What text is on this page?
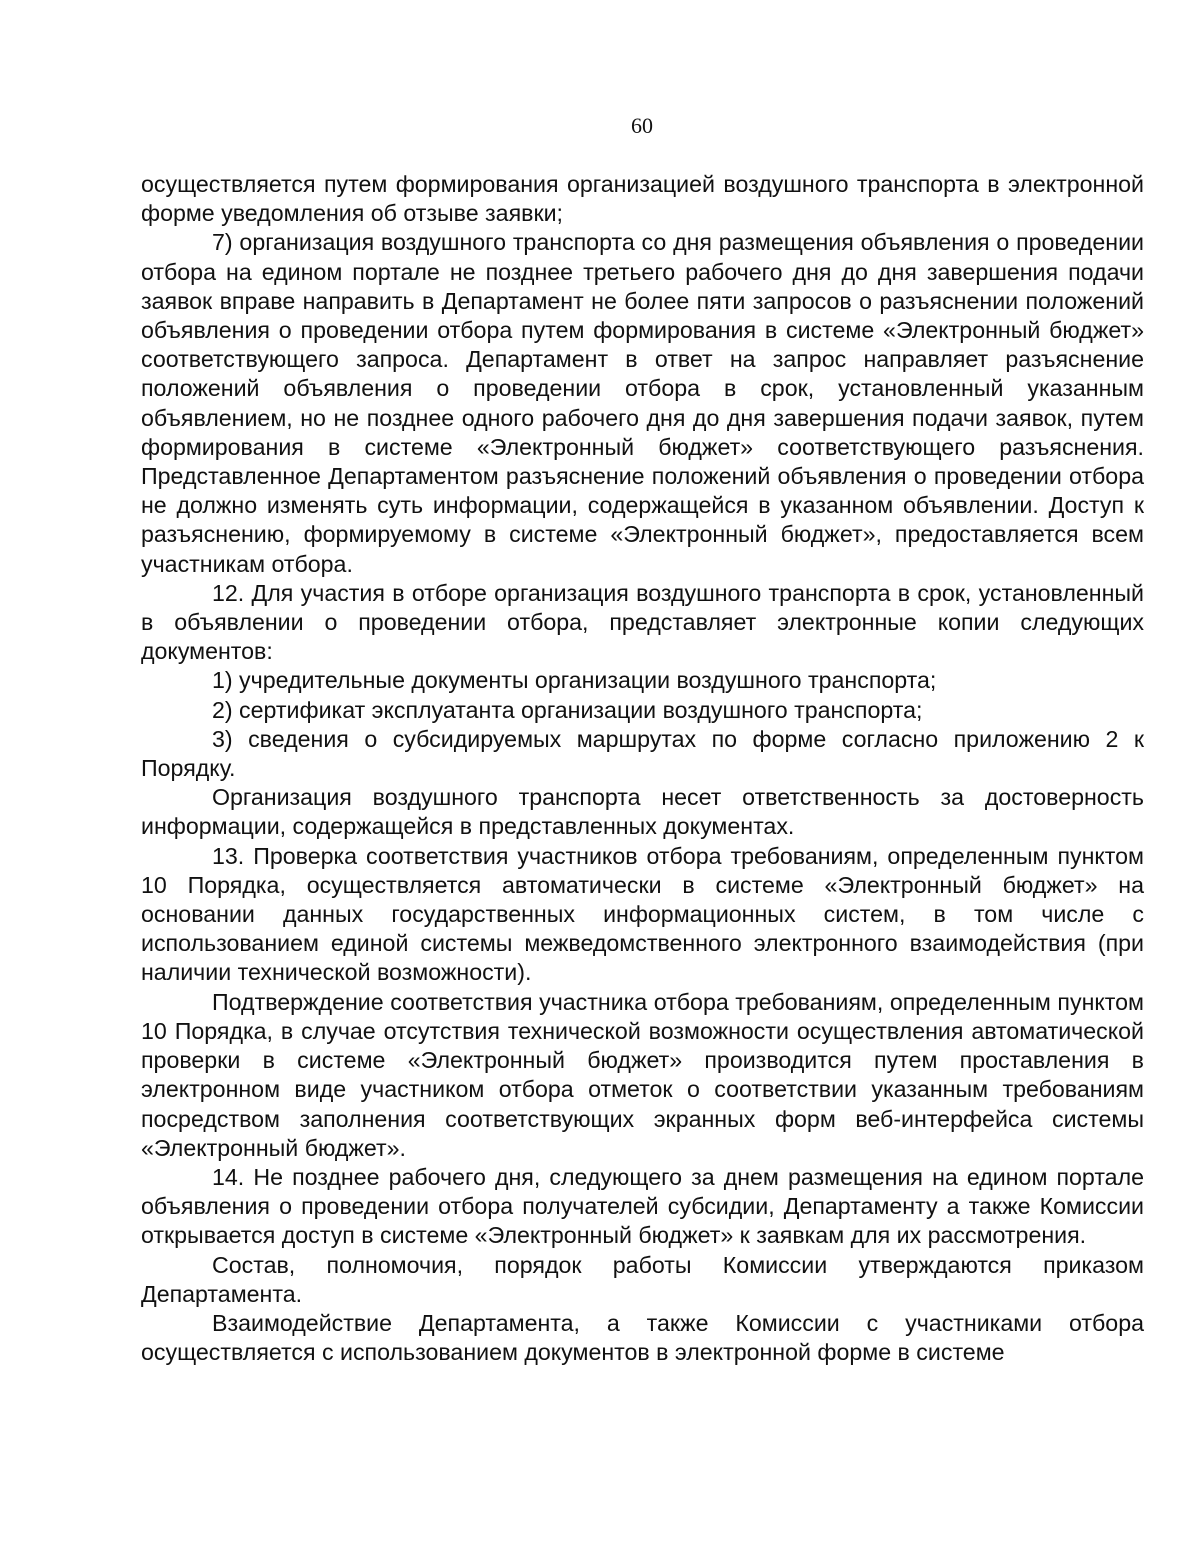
60

осуществляется путем формирования организацией воздушного транспорта в электронной форме уведомления об отзыве заявки;

7) организация воздушного транспорта со дня размещения объявления о проведении отбора на едином портале не позднее третьего рабочего дня до дня завершения подачи заявок вправе направить в Департамент не более пяти запросов о разъяснении положений объявления о проведении отбора путем формирования в системе «Электронный бюджет» соответствующего запроса. Департамент в ответ на запрос направляет разъяснение положений объявления о проведении отбора в срок, установленный указанным объявлением, но не позднее одного рабочего дня до дня завершения подачи заявок, путем формирования в системе «Электронный бюджет» соответствующего разъяснения. Представленное Департаментом разъяснение положений объявления о проведении отбора не должно изменять суть информации, содержащейся в указанном объявлении. Доступ к разъяснению, формируемому в системе «Электронный бюджет», предоставляется всем участникам отбора.

12. Для участия в отборе организация воздушного транспорта в срок, установленный в объявлении о проведении отбора, представляет электронные копии следующих документов:

1) учредительные документы организации воздушного транспорта;

2) сертификат эксплуатанта организации воздушного транспорта;

3) сведения о субсидируемых маршрутах по форме согласно приложению 2 к Порядку.

Организация воздушного транспорта несет ответственность за достоверность информации, содержащейся в представленных документах.

13. Проверка соответствия участников отбора требованиям, определенным пунктом 10 Порядка, осуществляется автоматически в системе «Электронный бюджет» на основании данных государственных информационных систем, в том числе с использованием единой системы межведомственного электронного взаимодействия (при наличии технической возможности).

Подтверждение соответствия участника отбора требованиям, определенным пунктом 10 Порядка, в случае отсутствия технической возможности осуществления автоматической проверки в системе «Электронный бюджет» производится путем проставления в электронном виде участником отбора отметок о соответствии указанным требованиям посредством заполнения соответствующих экранных форм веб-интерфейса системы «Электронный бюджет».

14. Не позднее рабочего дня, следующего за днем размещения на едином портале объявления о проведении отбора получателей субсидии, Департаменту а также Комиссии открывается доступ в системе «Электронный бюджет» к заявкам для их рассмотрения.

Состав, полномочия, порядок работы Комиссии утверждаются приказом Департамента.

Взаимодействие Департамента, а также Комиссии с участниками отбора осуществляется с использованием документов в электронной форме в системе
